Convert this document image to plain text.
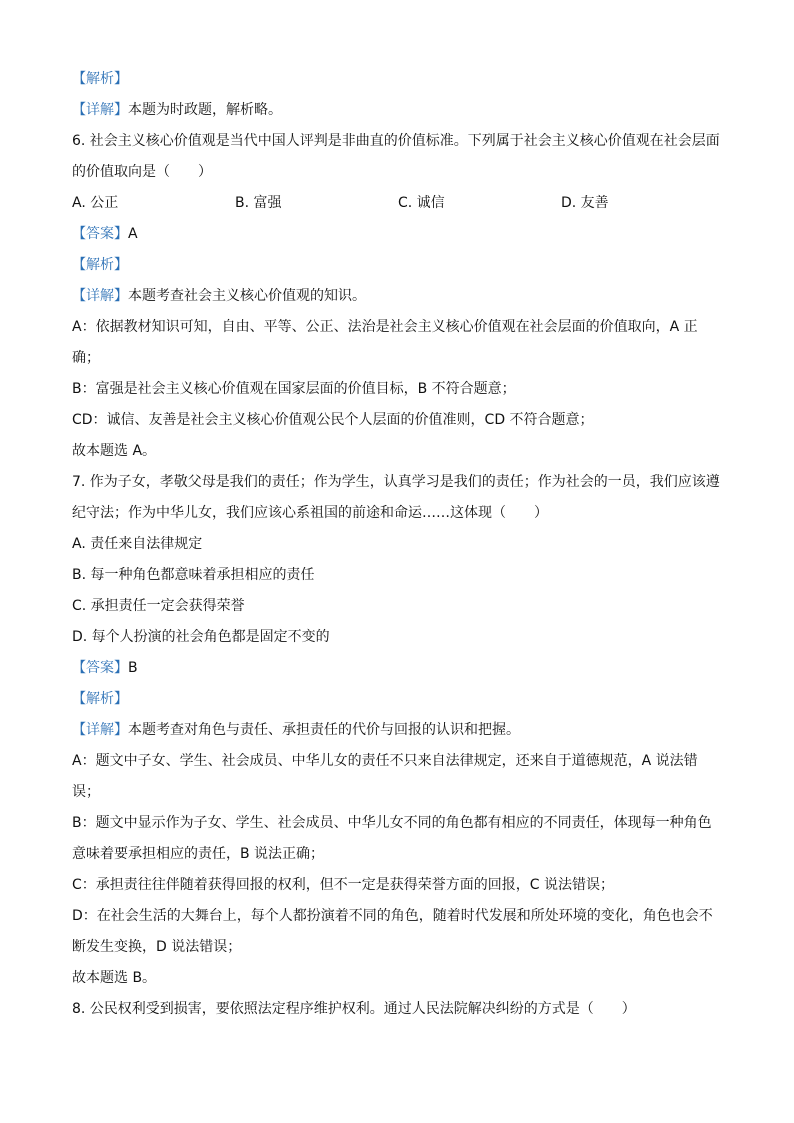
【解析】
【详解】本题为时政题，解析略。
6. 社会主义核心价值观是当代中国人评判是非曲直的价值标准。下列属于社会主义核心价值观在社会层面
的价值取向是（　　）
A. 公正	B. 富强	C. 诚信	D. 友善
【答案】A
【解析】
【详解】本题考查社会主义核心价值观的知识。
A：依据教材知识可知，自由、平等、公正、法治是社会主义核心价值观在社会层面的价值取向，A 正
确；
B：富强是社会主义核心价值观在国家层面的价值目标，B 不符合题意；
CD：诚信、友善是社会主义核心价值观公民个人层面的价值准则，CD 不符合题意；
故本题选 A。
7. 作为子女，孝敬父母是我们的责任；作为学生，认真学习是我们的责任；作为社会的一员，我们应该遵
纪守法；作为中华儿女，我们应该心系祖国的前途和命运……这体现（　　）
A. 责任来自法律规定
B. 每一种角色都意味着承担相应的责任
C. 承担责任一定会获得荣誉
D. 每个人扮演的社会角色都是固定不变的
【答案】B
【解析】
【详解】本题考查对角色与责任、承担责任的代价与回报的认识和把握。
A：题文中子女、学生、社会成员、中华儿女的责任不只来自法律规定，还来自于道德规范，A 说法错
误；
B：题文中显示作为子女、学生、社会成员、中华儿女不同的角色都有相应的不同责任，体现每一种角色
意味着要承担相应的责任，B 说法正确；
C：承担责往往伴随着获得回报的权利，但不一定是获得荣誉方面的回报，C 说法错误；
D：在社会生活的大舞台上，每个人都扮演着不同的角色，随着时代发展和所处环境的变化，角色也会不
断发生变换，D 说法错误；
故本题选 B。
8. 公民权利受到损害，要依照法定程序维护权利。通过人民法院解决纠纷的方式是（　　）
